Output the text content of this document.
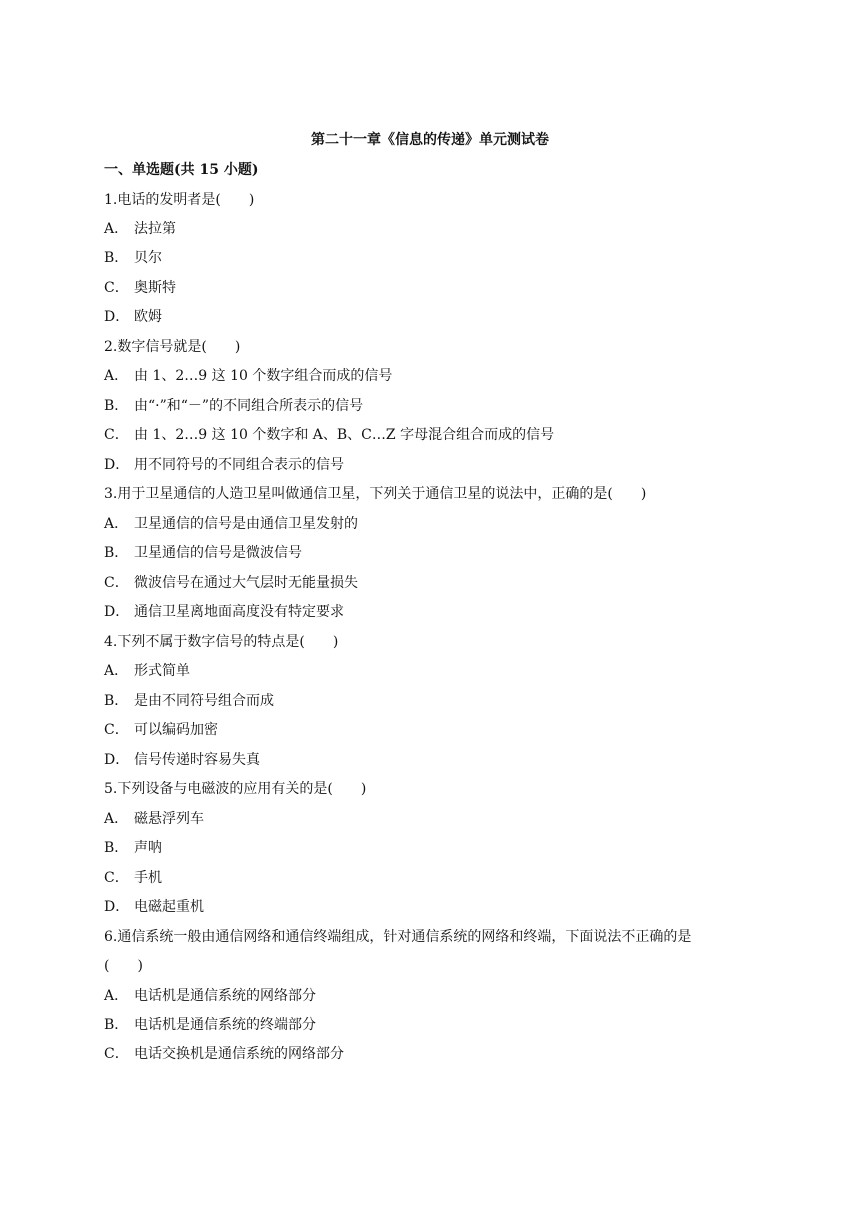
第二十一章《信息的传递》单元测试卷
一、单选题(共 15 小题)
1.电话的发明者是(　　)
A． 法拉第
B． 贝尔
C． 奥斯特
D． 欧姆
2.数字信号就是(　　)
A． 由 1、2…9 这 10 个数字组合而成的信号
B． 由“·”和“－”的不同组合所表示的信号
C． 由 1、2…9 这 10 个数字和 A、B、C…Z 字母混合组合而成的信号
D． 用不同符号的不同组合表示的信号
3.用于卫星通信的人造卫星叫做通信卫星，下列关于通信卫星的说法中，正确的是(　　)
A． 卫星通信的信号是由通信卫星发射的
B． 卫星通信的信号是微波信号
C． 微波信号在通过大气层时无能量损失
D． 通信卫星离地面高度没有特定要求
4.下列不属于数字信号的特点是(　　)
A． 形式简单
B． 是由不同符号组合而成
C． 可以编码加密
D． 信号传递时容易失真
5.下列设备与电磁波的应用有关的是(　　)
A． 磁悬浮列车
B． 声呐
C． 手机
D． 电磁起重机
6.通信系统一般由通信网络和通信终端组成，针对通信系统的网络和终端，下面说法不正确的是
(　　)
A． 电话机是通信系统的网络部分
B． 电话机是通信系统的终端部分
C． 电话交换机是通信系统的网络部分
